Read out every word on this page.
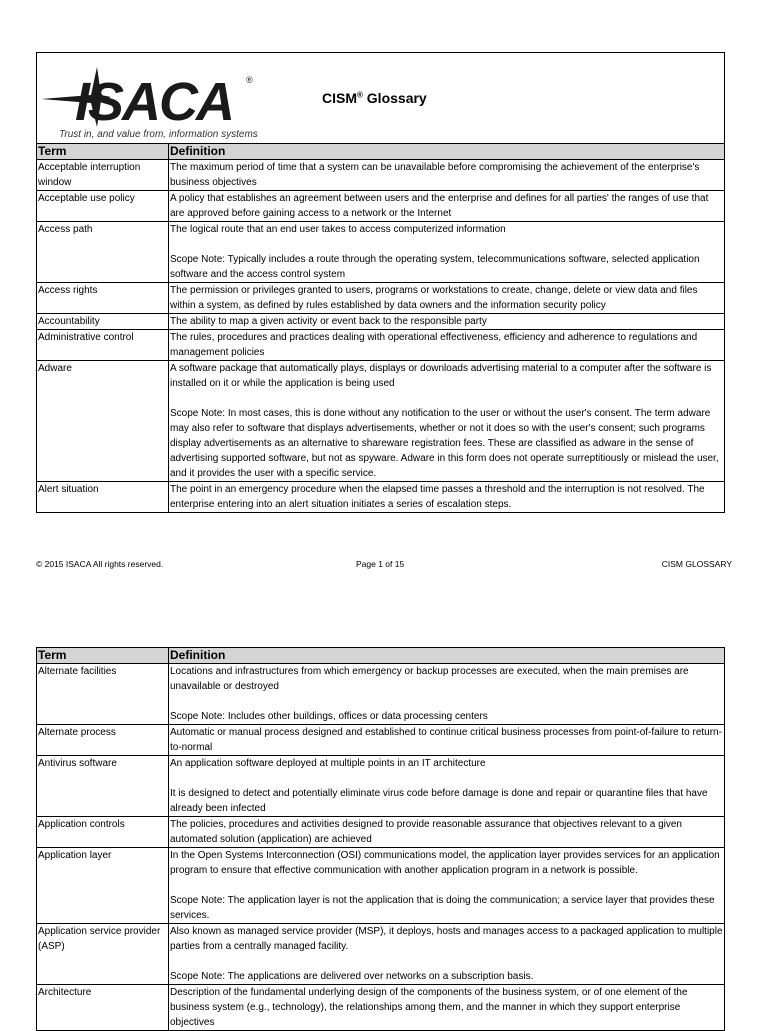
ISACA ®
Trust in, and value from, information systems
CISM® Glossary
Term	Definition
Acceptable interruption window	The maximum period of time that a system can be unavailable before compromising the achievement of the enterprise's business objectives

Acceptable use policy	A policy that establishes an agreement between users and the enterprise and defines for all parties' the ranges of use that are approved before gaining access to a network or the Internet

Access path	The logical route that an end user takes to access computerized information

Scope Note: Typically includes a route through the operating system, telecommunications software, selected application software and the access control system

Access rights	The permission or privileges granted to users, programs or workstations to create, change, delete or view data and files within a system, as defined by rules established by data owners and the information security policy

Accountability	The ability to map a given activity or event back to the responsible party

Administrative control	The rules, procedures and practices dealing with operational effectiveness, efficiency and adherence to regulations and management policies

Adware	A software package that automatically plays, displays or downloads advertising material to a computer after the software is installed on it or while the application is being used

Scope Note: In most cases, this is done without any notification to the user or without the user's consent. The term adware may also refer to software that displays advertisements, whether or not it does so with the user's consent; such programs display advertisements as an alternative to shareware registration fees. These are classified as adware in the sense of advertising supported software, but not as spyware. Adware in this form does not operate surreptitiously or mislead the user, and it provides the user with a specific service.

Alert situation	The point in an emergency procedure when the elapsed time passes a threshold and the interruption is not resolved. The enterprise entering into an alert situation initiates a series of escalation steps.

© 2015 ISACA All rights reserved.	Page 1 of 15	CISM GLOSSARY
Term	Definition
Alternate facilities	Locations and infrastructures from which emergency or backup processes are executed, when the main premises are unavailable or destroyed

Scope Note: Includes other buildings, offices or data processing centers

Alternate process	Automatic or manual process designed and established to continue critical business processes from point-of-failure to return-to-normal

Antivirus software	An application software deployed at multiple points in an IT architecture

It is designed to detect and potentially eliminate virus code before damage is done and repair or quarantine files that have already been infected

Application controls	The policies, procedures and activities designed to provide reasonable assurance that objectives relevant to a given automated solution (application) are achieved

Application layer	In the Open Systems Interconnection (OSI) communications model, the application layer provides services for an application program to ensure that effective communication with another application program in a network is possible.

Scope Note: The application layer is not the application that is doing the communication; a service layer that provides these services.

Application service provider (ASP)	Also known as managed service provider (MSP), it deploys, hosts and manages access to a packaged application to multiple parties from a centrally managed facility.

Scope Note: The applications are delivered over networks on a subscription basis.

Architecture	Description of the fundamental underlying design of the components of the business system, or of one element of the business system (e.g., technology), the relationships among them, and the manner in which they support enterprise objectives
